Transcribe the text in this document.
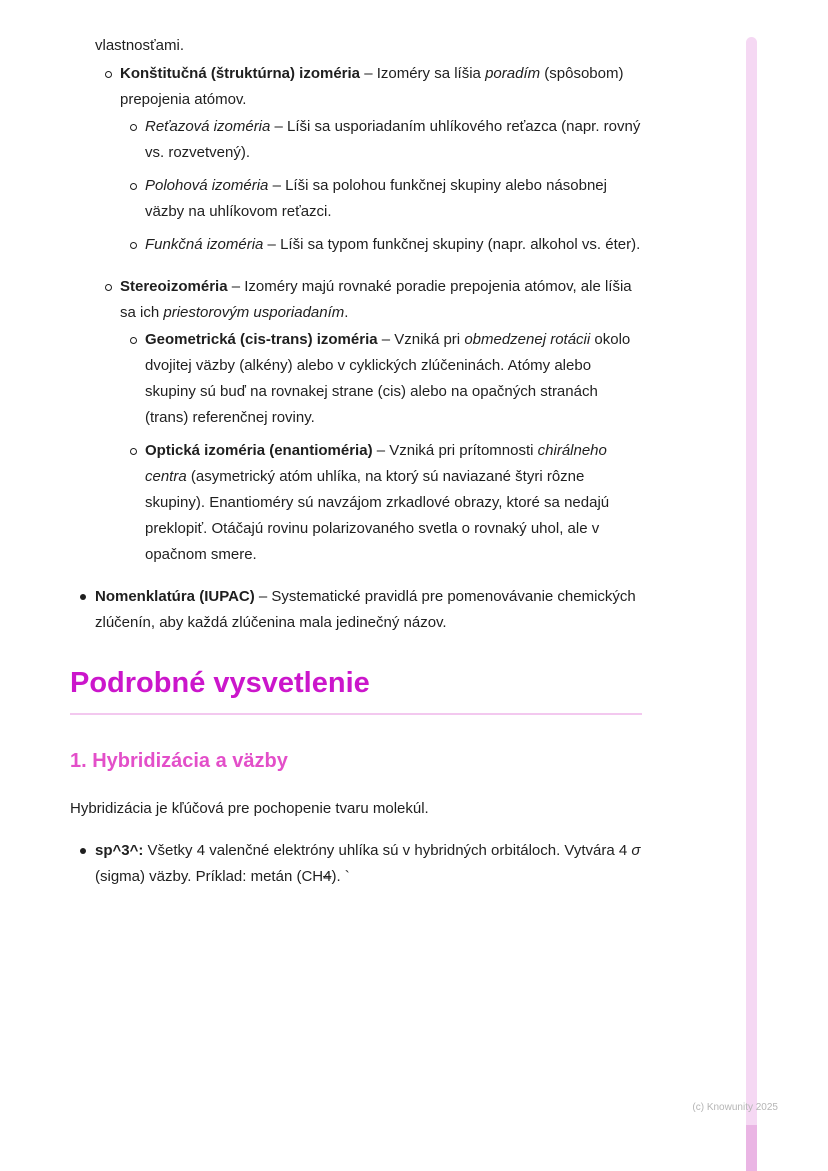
vlastnosťami.

Konštitučná (štruktúrna) izoméria – Izoméry sa líšia poradím (spôsobom) prepojenia atómov.
Reťazová izoméria – Líši sa usporiadaním uhlíkového reťazca (napr. rovný vs. rozvetvený).
Polohová izoméria – Líši sa polohou funkčnej skupiny alebo násobnej väzby na uhlíkovom reťazci.
Funkčná izoméria – Líši sa typom funkčnej skupiny (napr. alkohol vs. éter).
Stereoizoméria – Izoméry majú rovnaké poradie prepojenia atómov, ale líšia sa ich priestorovým usporiadaním.
Geometrická (cis-trans) izoméria – Vzniká pri obmedzenej rotácii okolo dvojitej väzby (alkény) alebo v cyklických zlúčeninách. Atómy alebo skupiny sú buď na rovnakej strane (cis) alebo na opačných stranách (trans) referenčnej roviny.
Optická izoméria (enantioméria) – Vzniká pri prítomnosti chirálneho centra (asymetrický atóm uhlíka, na ktorý sú naviazané štyri rôzne skupiny). Enantioméry sú navzájom zrkadlové obrazy, ktoré sa nedajú preklopiť. Otáčajú rovinu polarizovaného svetla o rovnaký uhol, ale v opačnom smere.
Nomenklatúra (IUPAC) – Systematické pravidlá pre pomenovávanie chemických zlúčenín, aby každá zlúčenina mala jedinečný názov.
Podrobné vysvetlenie
1. Hybridizácia a väzby

Hybridizácia je kľúčová pre pochopenie tvaru molekúl.

sp^3^: Všetky 4 valenčné elektróny uhlíka sú v hybridných orbitáloch. Vytvára 4 σ (sigma) väzby. Príklad: metán (CH4). `
(c) Knowunity 2025
